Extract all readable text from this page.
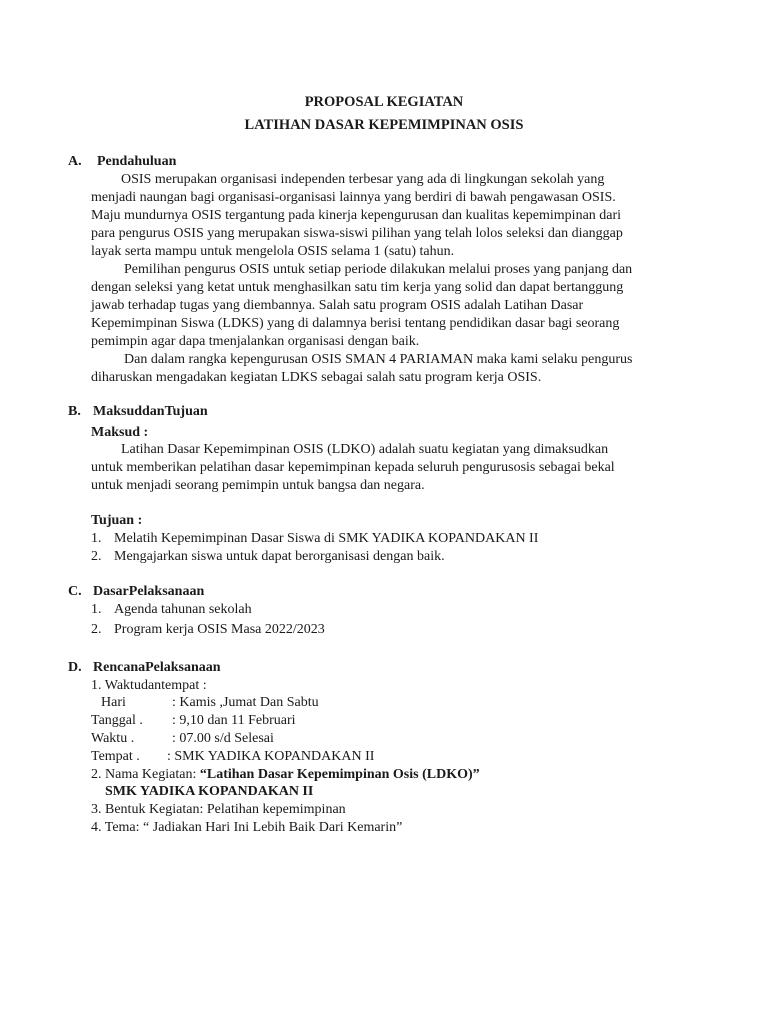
PROPOSAL KEGIATAN
LATIHAN DASAR KEPEMIMPINAN OSIS
A. Pendahuluan
OSIS merupakan organisasi independen terbesar yang ada di lingkungan sekolah yang
menjadi naungan bagi organisasi-organisasi lainnya yang berdiri di bawah pengawasan OSIS.
Maju mundurnya OSIS tergantung pada kinerja kepengurusan dan kualitas kepemimpinan dari
para pengurus OSIS yang merupakan siswa-siswi pilihan yang telah lolos seleksi dan dianggap
layak serta mampu untuk mengelola OSIS selama 1 (satu) tahun.
Pemilihan pengurus OSIS untuk setiap periode dilakukan melalui proses yang panjang dan
dengan seleksi yang ketat untuk menghasilkan satu tim kerja yang solid dan dapat bertanggung
jawab terhadap tugas yang diembannya. Salah satu program OSIS adalah Latihan Dasar
Kepemimpinan Siswa (LDKS) yang di dalamnya berisi tentang pendidikan dasar bagi seorang
pemimpin agar dapa tmenjalankan organisasi dengan baik.
Dan dalam rangka kepengurusan OSIS SMAN 4 PARIAMAN maka kami selaku pengurus
diharuskan mengadakan kegiatan LDKS sebagai salah satu program kerja OSIS.
B. MaksuddanTujuan
Maksud :
Latihan Dasar Kepemimpinan OSIS (LDKO) adalah suatu kegiatan yang dimaksudkan
untuk memberikan pelatihan dasar kepemimpinan kepada seluruh pengurusosis sebagai bekal
untuk menjadi seorang pemimpin untuk bangsa dan negara.
Tujuan :
1. Melatih Kepemimpinan Dasar Siswa di SMK YADIKA KOPANDAKAN II
2. Mengajarkan siswa untuk dapat berorganisasi dengan baik.
C. DasarPelaksanaan
1. Agenda tahunan sekolah
2. Program kerja OSIS Masa 2022/2023
D. RencanaPelaksanaan
1. Waktudantempat :
Hari	: Kamis ,Jumat Dan Sabtu
Tanggal . : 9,10 dan 11 Februari
Waktu .	: 07.00 s/d Selesai
Tempat . : SMK YADIKA KOPANDAKAN II
2. Nama Kegiatan: “Latihan Dasar Kepemimpinan Osis (LDKO)”
SMK YADIKA KOPANDAKAN II
3. Bentuk Kegiatan: Pelatihan kepemimpinan
4. Tema: “ Jadiakan Hari Ini Lebih Baik Dari Kemarin”
